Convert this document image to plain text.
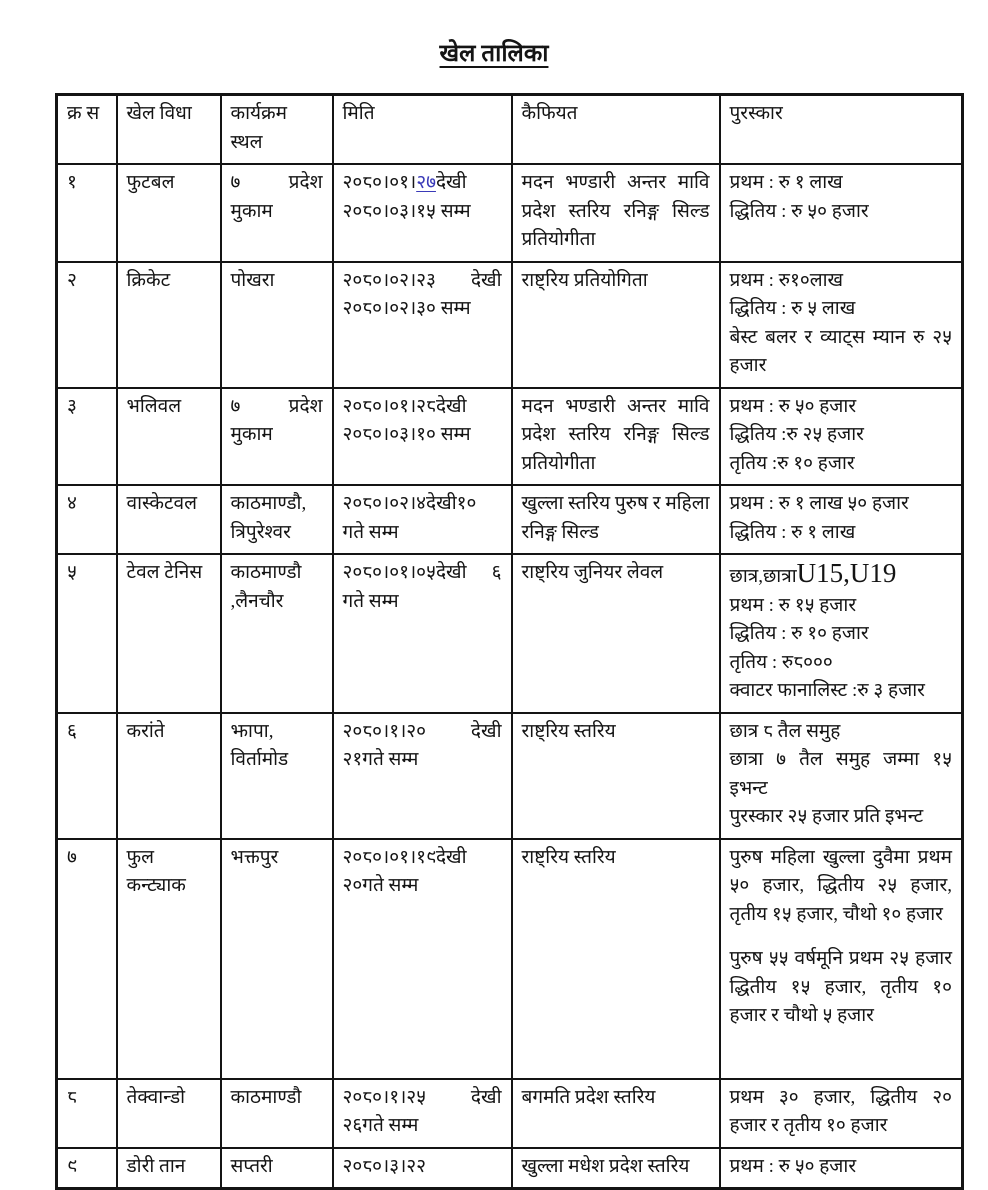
खेल तालिका
क्र स	खेल विधा	कार्यक्रम स्थल	मिति	कैफियत	पुरस्कार
१	फुटबल	७ प्रदेश मुकाम	२०८०।०१।२७देखी २०८०।०३।१५ सम्म	मदन भण्डारी अन्तर मावि प्रदेश स्तरिय रनिङ्ग सिल्ड प्रतियोगीता	प्रथम : रु १ लाख
द्धितिय : रु ५० हजार

२	क्रिकेट	पोखरा	२०८०।०२।२३ देखी २०८०।०२।३० सम्म	राष्ट्रिय प्रतियोगिता	प्रथम : रु१०लाख
द्धितिय : रु ५ लाख
बेस्ट बलर र व्याट्स म्यान रु २५ हजार

३	भलिवल	७ प्रदेश मुकाम	२०८०।०१।२८देखी २०८०।०३।१० सम्म	मदन भण्डारी अन्तर मावि प्रदेश स्तरिय रनिङ्ग सिल्ड प्रतियोगीता	प्रथम : रु ५० हजार
द्धितिय :रु २५ हजार
तृतिय :रु १० हजार

४	वास्केटवल	काठमाण्डौ, त्रिपुरेश्वर	२०८०।०२।४देखी१० गते सम्म	खुल्ला स्तरिय पुरुष र महिला रनिङ्ग सिल्ड	प्रथम : रु १ लाख ५० हजार
द्धितिय : रु १ लाख

५	टेवल टेनिस	काठमाण्डौ ,लैनचौर	२०८०।०१।०५देखी ६ गते सम्म	राष्ट्रिय जुनियर लेवल	छात्र,छात्राU15,U19
प्रथम : रु १५ हजार
द्धितिय : रु १० हजार
तृतिय : रु८०००
क्वाटर फानालिस्ट :रु ३ हजार

६	करांते	झापा, विर्तामोड	२०८०।१।२० देखी २१गते सम्म	राष्ट्रिय स्तरिय	छात्र ८ तैल समुह
छात्रा ७ तैल समुह जम्मा १५ इभन्ट
पुरस्कार २५ हजार प्रति इभन्ट

७	फुल कन्ट्याक	भक्तपुर	२०८०।०१।१९देखी २०गते सम्म	राष्ट्रिय स्तरिय	पुरुष महिला खुल्ला दुवैमा प्रथम ५० हजार, द्धितीय २५ हजार, तृतीय १५ हजार, चौथो १० हजार
पुरुष ५५ वर्षमूनि प्रथम २५ हजार द्धितीय १५ हजार, तृतीय १० हजार र चौथो ५ हजार

८	तेक्वान्डो	काठमाण्डौ	२०८०।१।२५ देखी २६गते सम्म	बगमति प्रदेश स्तरिय	प्रथम ३० हजार, द्धितीय २० हजार र तृतीय १० हजार

९	डोरी तान	सप्तरी	२०८०।३।२२	खुल्ला मधेश प्रदेश स्तरिय	प्रथम : रु ५० हजार
